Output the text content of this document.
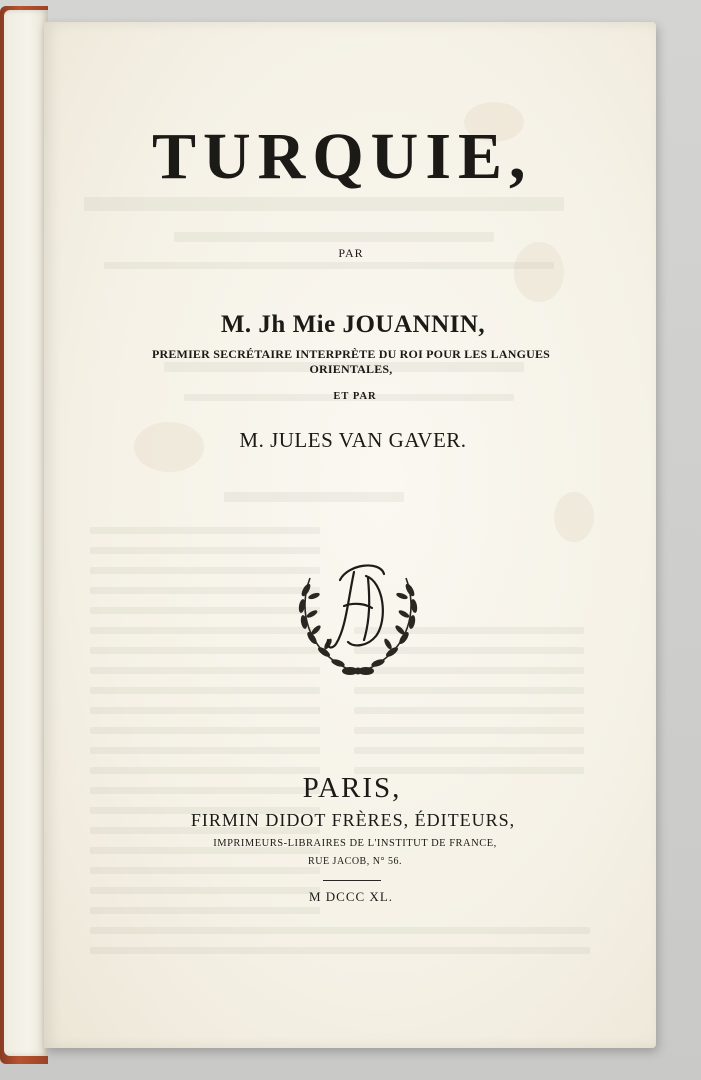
TURQUIE,
PAR
M. Jh Mie JOUANNIN,
PREMIER SECRÉTAIRE INTERPRÈTE DU ROI POUR LES LANGUES ORIENTALES,
ET PAR
M. JULES VAN GAVER.
PARIS,
FIRMIN DIDOT FRÈRES, ÉDITEURS,
IMPRIMEURS-LIBRAIRES DE L'INSTITUT DE FRANCE,
RUE JACOB, N° 56.
M DCCC XL.
